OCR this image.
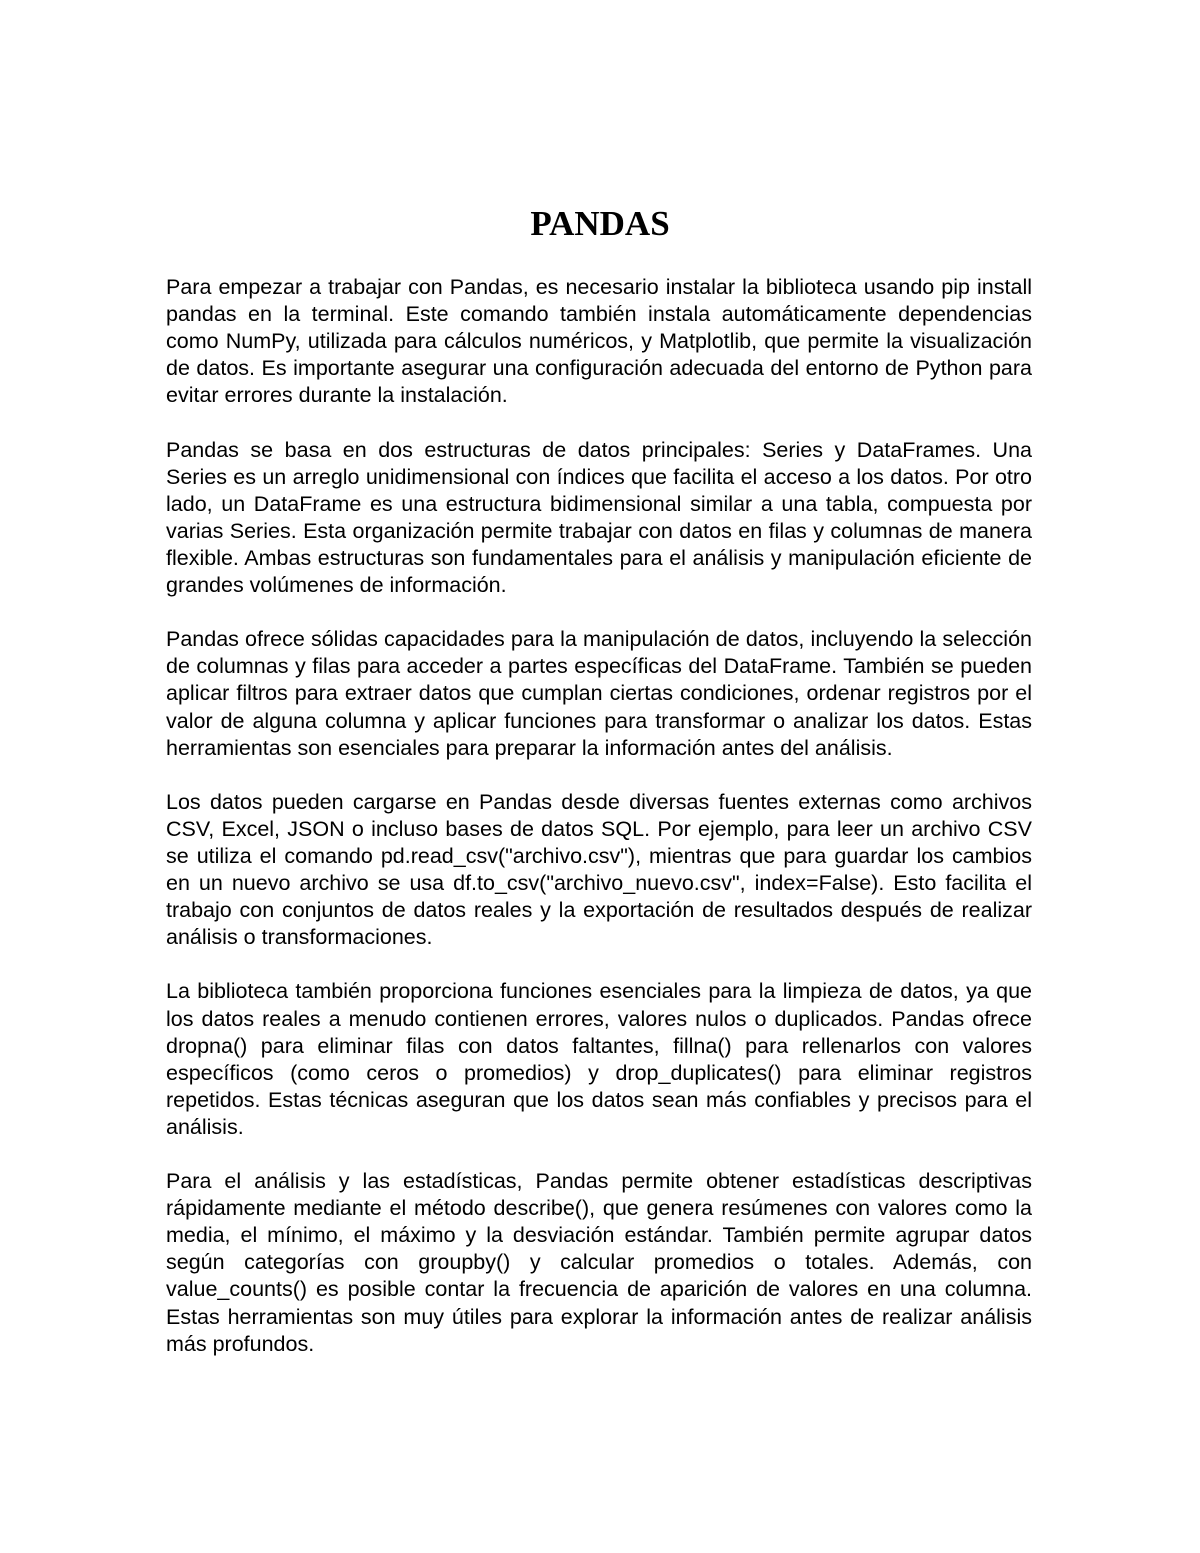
PANDAS

Para empezar a trabajar con Pandas, es necesario instalar la biblioteca usando pip install pandas en la terminal. Este comando también instala automáticamente dependencias como NumPy, utilizada para cálculos numéricos, y Matplotlib, que permite la visualización de datos. Es importante asegurar una configuración adecuada del entorno de Python para evitar errores durante la instalación.

Pandas se basa en dos estructuras de datos principales: Series y DataFrames. Una Series es un arreglo unidimensional con índices que facilita el acceso a los datos. Por otro lado, un DataFrame es una estructura bidimensional similar a una tabla, compuesta por varias Series. Esta organización permite trabajar con datos en filas y columnas de manera flexible. Ambas estructuras son fundamentales para el análisis y manipulación eficiente de grandes volúmenes de información.

Pandas ofrece sólidas capacidades para la manipulación de datos, incluyendo la selección de columnas y filas para acceder a partes específicas del DataFrame. También se pueden aplicar filtros para extraer datos que cumplan ciertas condiciones, ordenar registros por el valor de alguna columna y aplicar funciones para transformar o analizar los datos. Estas herramientas son esenciales para preparar la información antes del análisis.

Los datos pueden cargarse en Pandas desde diversas fuentes externas como archivos CSV, Excel, JSON o incluso bases de datos SQL. Por ejemplo, para leer un archivo CSV se utiliza el comando pd.read_csv("archivo.csv"), mientras que para guardar los cambios en un nuevo archivo se usa df.to_csv("archivo_nuevo.csv", index=False). Esto facilita el trabajo con conjuntos de datos reales y la exportación de resultados después de realizar análisis o transformaciones.

La biblioteca también proporciona funciones esenciales para la limpieza de datos, ya que los datos reales a menudo contienen errores, valores nulos o duplicados. Pandas ofrece dropna() para eliminar filas con datos faltantes, fillna() para rellenarlos con valores específicos (como ceros o promedios) y drop_duplicates() para eliminar registros repetidos. Estas técnicas aseguran que los datos sean más confiables y precisos para el análisis.

Para el análisis y las estadísticas, Pandas permite obtener estadísticas descriptivas rápidamente mediante el método describe(), que genera resúmenes con valores como la media, el mínimo, el máximo y la desviación estándar. También permite agrupar datos según categorías con groupby() y calcular promedios o totales. Además, con value_counts() es posible contar la frecuencia de aparición de valores en una columna. Estas herramientas son muy útiles para explorar la información antes de realizar análisis más profundos.
